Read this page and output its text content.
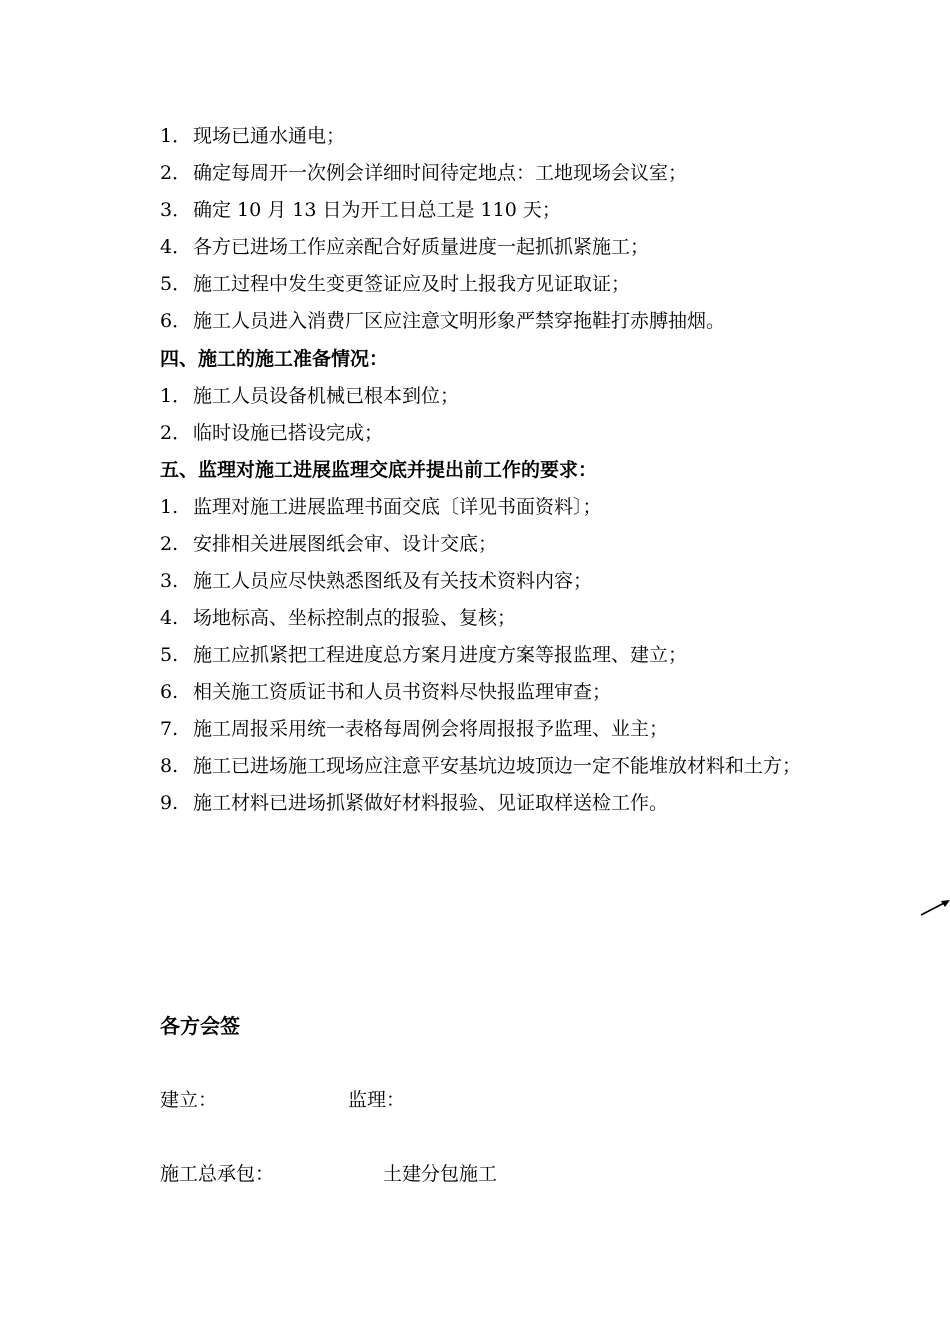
1． 现场已通水通电；
2． 确定每周开一次例会详细时间待定地点：工地现场会议室；
3． 确定 10 月 13 日为开工日总工是 110 天；
4． 各方已进场工作应亲配合好质量进度一起抓抓紧施工；
5． 施工过程中发生变更签证应及时上报我方见证取证；
6． 施工人员进入消费厂区应注意文明形象严禁穿拖鞋打赤膊抽烟。
四、施工的施工准备情况：
1． 施工人员设备机械已根本到位；
2． 临时设施已搭设完成；
五、监理对施工进展监理交底并提出前工作的要求：
1. 监理对施工进展监理书面交底〔详见书面资料〕；
2. 安排相关进展图纸会审、设计交底；
3. 施工人员应尽快熟悉图纸及有关技术资料内容；
4. 场地标高、坐标控制点的报验、复核；
5. 施工应抓紧把工程进度总方案月进度方案等报监理、建立；
6. 相关施工资质证书和人员书资料尽快报监理审查；
7. 施工周报采用统一表格每周例会将周报报予监理、业主；
8. 施工已进场施工现场应注意平安基坑边坡顶边一定不能堆放材料和土方；
9. 施工材料已进场抓紧做好材料报验、见证取样送检工作。
各方会签
建立：	监理：
施工总承包：	土建分包施工
